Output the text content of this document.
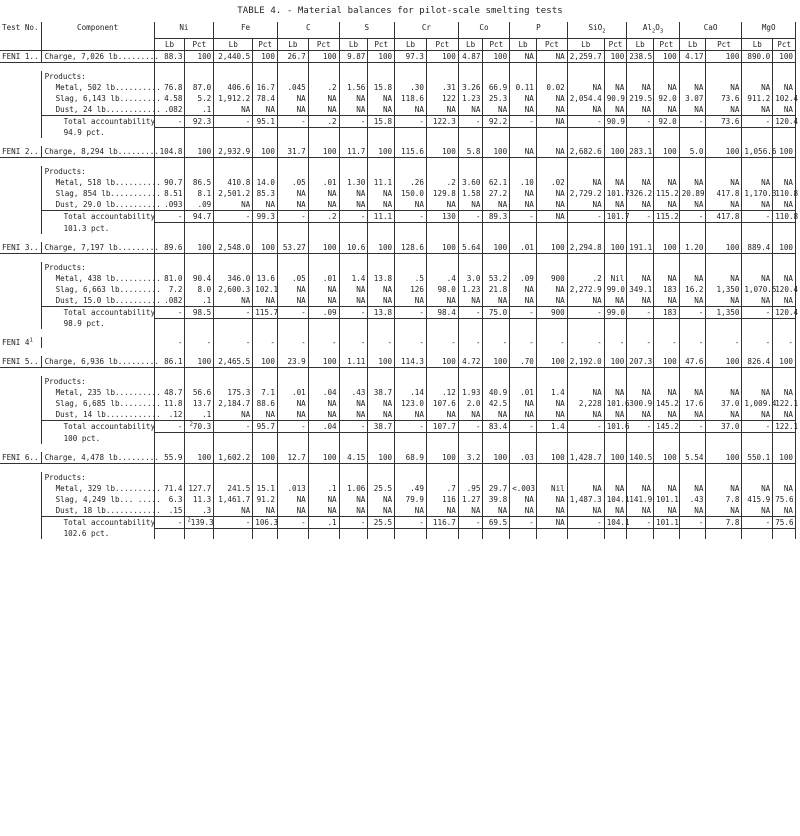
TABLE 4. - Material balances for pilot-scale smelting tests
Test No.	Component	Ni		Fe		C		S		Cr		Co		P		SiO$_2$		$Al_2O_3$		CaO		MgO	
		Lb	Pct	Lb	Pct	Lb	Pct	Lb	Pct	Lb	Pct	Lb	Pct	Lb	Pct	Lb	Pct	Lb	Pct	Lb	Pct	Lb	Pct
FENI 1..	Charge, 7,026 lb.........	88.3	100	2,440.5	100	26.7	100	9.87	100	97.3	100	4.87	100	NA	NA	2,259.7	100	238.5	100	4.17	100	890.0	100

	Products:																						
	Metal, 502 lb..........	76.8	87.0	406.6	16.7	.045	.2	1.56	15.8	.30	.31	3.26	66.9	0.11	0.02	NA	NA	NA	NA	NA	NA	NA	NA
	Slag, 6,143 lb.........	4.58	5.2	1,912.2	78.4	NA	NA	NA	NA	118.6	122	1.23	25.3	NA	NA	2,054.4	90.9	219.5	92.0	3.07	73.6	911.2	102.4
	Dust, 24 lb............	.082	.1	NA	NA	NA	NA	NA	NA	NA	NA	NA	NA	NA	NA	NA	NA	NA	NA	NA	NA	NA	NA
	Total accountability	-	92.3	-	95.1	-	.2	-	15.8	-	122.3	-	92.2	-	NA	-	90.9	-	92.0	-	73.6	-	120.4
	94.9 pct.																						

FENI 2..	Charge, 8,294 lb.........	104.8	100	2,932.9	100	31.7	100	11.7	100	115.6	100	5.8	100	NA	NA	2,682.6	100	283.1	100	5.0	100	1,056.6	100

	Products:																						
	Metal, 518 lb..........	90.7	86.5	410.8	14.0	.05	.01	1.30	11.1	.26	.2	3.60	62.1	.10	.02	NA	NA	NA	NA	NA	NA	NA	NA
	Slag, 854 lb...........	8.51	8.1	2,501.2	85.3	NA	NA	NA	NA	150.0	129.8	1.58	27.2	NA	NA	2,729.2	101.7	326.2	115.2	20.89	417.8	1,170.3	110.8
	Dust, 29.0 lb..........	.093	.09	NA	NA	NA	NA	NA	NA	NA	NA	NA	NA	NA	NA	NA	NA	NA	NA	NA	NA	NA	NA
	Total accountability	-	94.7	-	99.3	-	.2	-	11.1	-	130	-	89.3	-	NA	-	101.7	-	115.2	-	417.8	-	110.8
	101.3 pct.																						

FENI 3..	Charge, 7,197 lb.........	89.6	100	2,548.0	100	53.27	100	10.6	100	128.6	100	5.64	100	.01	100	2,294.8	100	191.1	100	1.20	100	889.4	100

	Products:																						
	Metal, 438 lb..........	81.0	90.4	346.0	13.6	.05	.01	1.4	13.8	.5	.4	3.0	53.2	.09	900	.2	Nil	NA	NA	NA	NA	NA	NA
	Slag, 6,663 lb.........	7.2	8.0	2,600.3	102.1	NA	NA	NA	NA	126	98.0	1.23	21.8	NA	NA	2,272.9	99.0	349.1	183	16.2	1,350	1,070.5	120.4
	Dust, 15.0 lb..........	.082	.1	NA	NA	NA	NA	NA	NA	NA	NA	NA	NA	NA	NA	NA	NA	NA	NA	NA	NA	NA	NA
	Total accountability	-	98.5	-	115.7	-	.09	-	13.8	-	98.4	-	75.0	-	900	-	99.0	-	183	-	1,350	-	120.4
	98.9 pct.																						

FENI $4^1$		-	-	-	-	-	-	-	-	-	-	-	-	-	-	-	-	-	-	-	-	-	-

FENI 5..	Charge, 6,936 lb.........	86.1	100	2,465.5	100	23.9	100	1.11	100	114.3	100	4.72	100	.70	100	2,192.0	100	207.3	100	47.6	100	826.4	100

	Products:																						
	Metal, 235 lb..........	48.7	56.6	175.3	7.1	.01	.04	.43	38.7	.14	.12	1.93	40.9	.01	1.4	NA	NA	NA	NA	NA	NA	NA	NA
	Slag, 6,685 lb.........	11.8	13.7	2,184.7	88.6	NA	NA	NA	NA	123.0	107.6	2.0	42.5	NA	NA	2,228	101.6	300.9	145.2	17.6	37.0	1,009.4	122.1
	Dust, 14 lb............	.12	.1	NA	NA	NA	NA	NA	NA	NA	NA	NA	NA	NA	NA	NA	NA	NA	NA	NA	NA	NA	NA
	Total accountability	-	$^2$70.3	-	95.7	-	.04	-	38.7	-	107.7	-	83.4	-	1.4	-	101.6	-	145.2	-	37.0	-	122.1
	100 pct.																						

FENI 6..	Charge, 4,478 lb.........	55.9	100	1,602.2	100	12.7	100	4.15	100	68.9	100	3.2	100	.03	100	1,428.7	100	140.5	100	5.54	100	550.1	100

	Products:																						
	Metal, 329 lb..........	71.4	127.7	241.5	15.1	.013	.1	1.06	25.5	.49	.7	.95	29.7	<.003	Nil	NA	NA	NA	NA	NA	NA	NA	NA
	Slag, 4,249 lb... .....	6.3	11.3	1,461.7	91.2	NA	NA	NA	NA	79.9	116	1.27	39.8	NA	NA	1,487.3	104.1	141.9	101.1	.43	7.8	415.9	75.6
	Dust, 18 lb............	.15	.3	NA	NA	NA	NA	NA	NA	NA	NA	NA	NA	NA	NA	NA	NA	NA	NA	NA	NA	NA	NA
	Total accountability	-	$^2$139.3	-	106.3	-	.1	-	25.5	-	116.7	-	69.5	-	NA	-	104.1	-	101.1	-	7.8	-	75.6
	102.6 pct.																						
